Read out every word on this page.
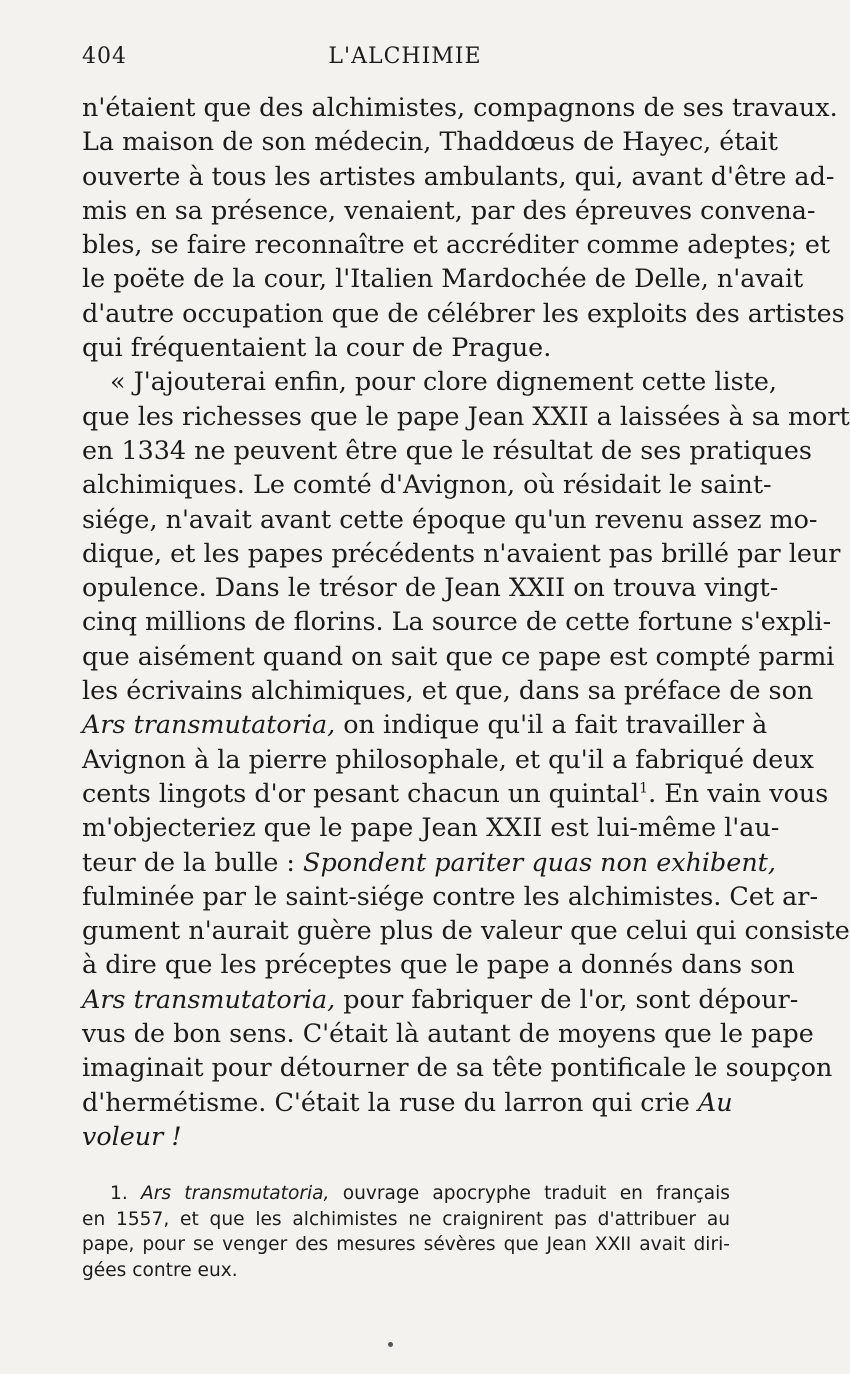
404	L'ALCHIMIE
n'étaient que des alchimistes, compagnons de ses travaux.
La maison de son médecin, Thaddœus de Hayec, était
ouverte à tous les artistes ambulants, qui, avant d'être ad-
mis en sa présence, venaient, par des épreuves convena-
bles, se faire reconnaître et accréditer comme adeptes; et
le poëte de la cour, l'Italien Mardochée de Delle, n'avait
d'autre occupation que de célébrer les exploits des artistes
qui fréquentaient la cour de Prague.
« J'ajouterai enfin, pour clore dignement cette liste,
que les richesses que le pape Jean XXII a laissées à sa mort
en 1334 ne peuvent être que le résultat de ses pratiques
alchimiques. Le comté d'Avignon, où résidait le saint-
siége, n'avait avant cette époque qu'un revenu assez mo-
dique, et les papes précédents n'avaient pas brillé par leur
opulence. Dans le trésor de Jean XXII on trouva vingt-
cinq millions de florins. La source de cette fortune s'expli-
que aisément quand on sait que ce pape est compté parmi
les écrivains alchimiques, et que, dans sa préface de son
Ars transmutatoria, on indique qu'il a fait travailler à
Avignon à la pierre philosophale, et qu'il a fabriqué deux
cents lingots d'or pesant chacun un quintal$^1$. En vain vous
m'objecteriez que le pape Jean XXII est lui-même l'au-
teur de la bulle : Spondent pariter quas non exhibent,
fulminée par le saint-siége contre les alchimistes. Cet ar-
gument n'aurait guère plus de valeur que celui qui consiste
à dire que les préceptes que le pape a donnés dans son
Ars transmutatoria, pour fabriquer de l'or, sont dépour-
vus de bon sens. C'était là autant de moyens que le pape
imaginait pour détourner de sa tête pontificale le soupçon
d'hermétisme. C'était la ruse du larron qui crie Au
voleur !
1. Ars transmutatoria, ouvrage apocryphe traduit en français
en 1557, et que les alchimistes ne craignirent pas d'attribuer au
pape, pour se venger des mesures sévères que Jean XXII avait diri-
gées contre eux.
